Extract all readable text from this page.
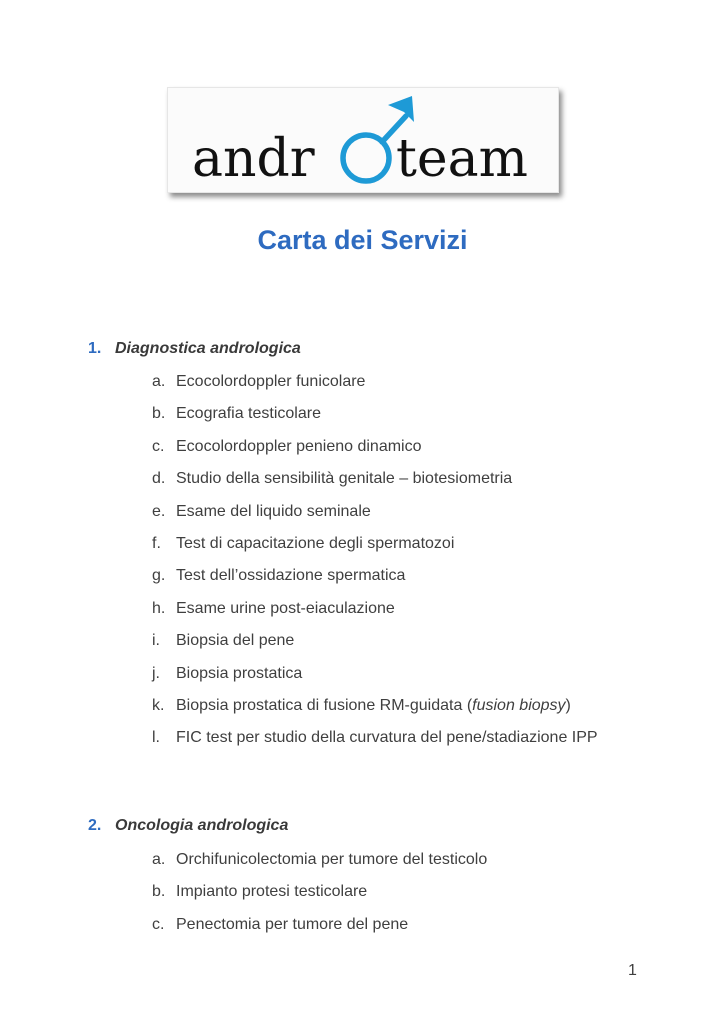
andr team
Carta dei Servizi
1. Diagnostica andrologica
a. Ecocolordoppler funicolare
b. Ecografia testicolare
c. Ecocolordoppler penieno dinamico
d. Studio della sensibilità genitale – biotesiometria
e. Esame del liquido seminale
f. Test di capacitazione degli spermatozoi
g. Test dell’ossidazione spermatica
h. Esame urine post-eiaculazione
i. Biopsia del pene
j. Biopsia prostatica
k. Biopsia prostatica di fusione RM-guidata (fusion biopsy)
l. FIC test per studio della curvatura del pene/stadiazione IPP
2. Oncologia andrologica
a. Orchifunicolectomia per tumore del testicolo
b. Impianto protesi testicolare
c. Penectomia per tumore del pene
1
